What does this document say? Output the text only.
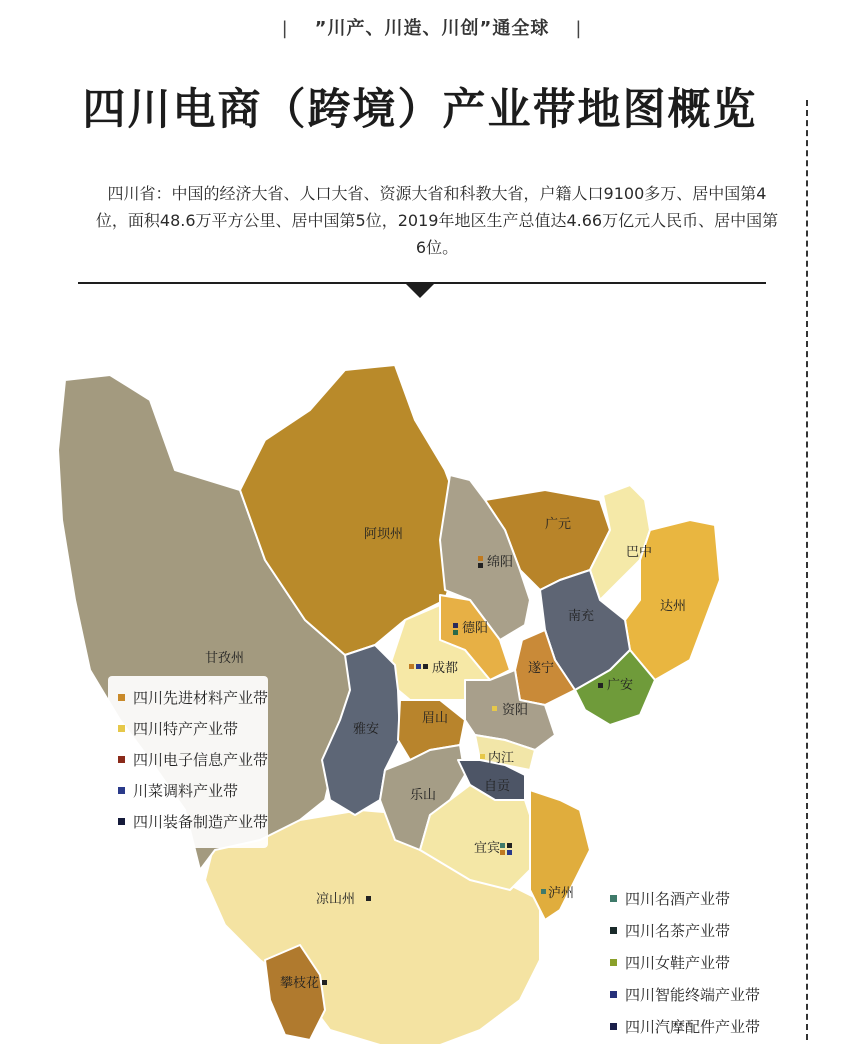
| ”川产、川造、川创”通全球 |
四川电商（跨境）产业带地图概览
四川省：中国的经济大省、人口大省、资源大省和科教大省，户籍人口9100多万、居中国第4位，面积48.6万平方公里、居中国第5位，2019年地区生产总值达4.66万亿元人民币、居中国第6位。
阿坝州
甘孜州
广元
绵阳
巴中
达州
南充
德阳
成都	遂宁
广安
雅安
眉山
资阳
内江
乐山
自贡
宜宾
泸州
凉山州
攀枝花
四川先进材料产业带
四川特产产业带
四川电子信息产业带
川菜调料产业带
四川装备制造产业带
四川名酒产业带
四川名茶产业带
四川女鞋产业带
四川智能终端产业带
四川汽摩配件产业带
